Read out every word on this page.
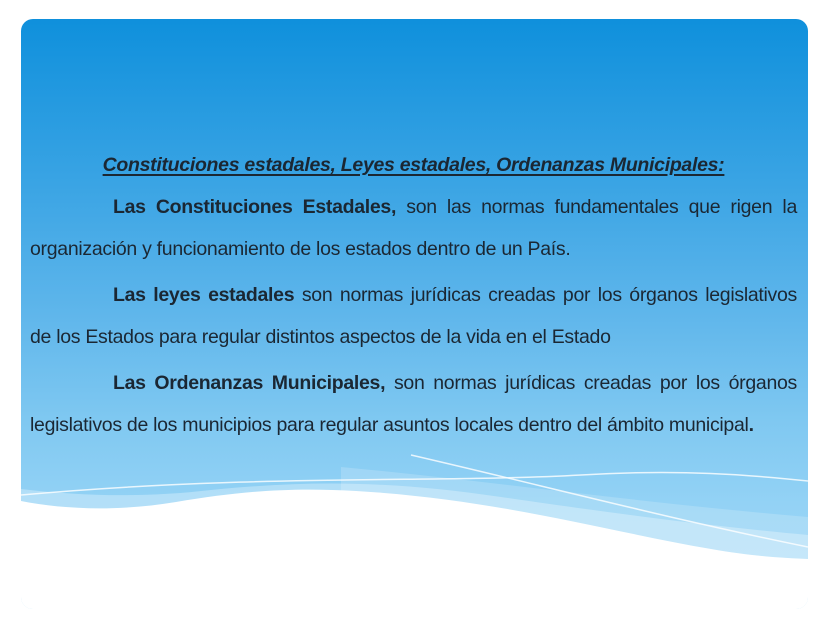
Constituciones estadales, Leyes estadales, Ordenanzas Municipales:

Las Constituciones Estadales, son las normas fundamentales que rigen la organización y funcionamiento de los estados dentro de un País.

Las leyes estadales son normas jurídicas creadas por los órganos legislativos de los Estados para regular distintos aspectos de la vida en el Estado

Las Ordenanzas Municipales, son normas jurídicas creadas por los órganos legislativos de los municipios para regular asuntos locales dentro del ámbito municipal.
